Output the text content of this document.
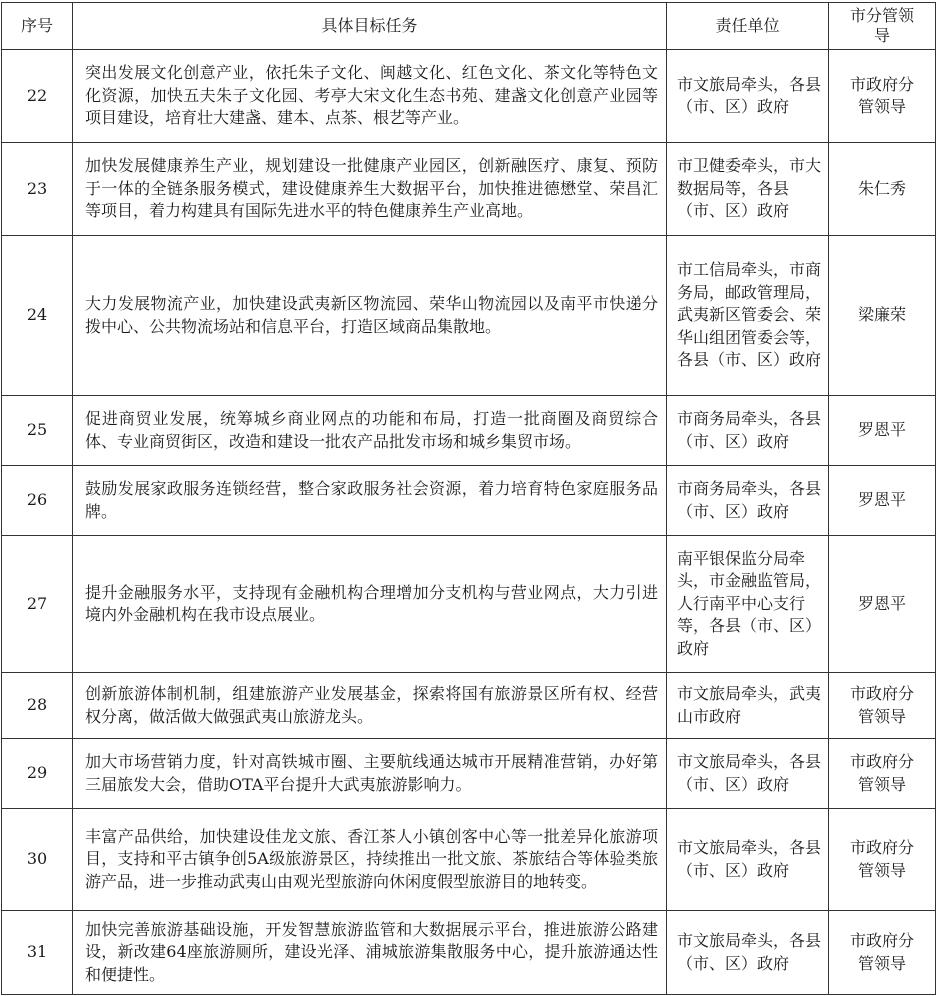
序号	具体目标任务	责任单位	市分管领导
22	突出发展文化创意产业，依托朱子文化、闽越文化、红色文化、茶文化等特色文化资源，加快五夫朱子文化园、考亭大宋文化生态书苑、建盏文化创意产业园等项目建设，培育壮大建盏、建本、点茶、根艺等产业。	市文旅局牵头，各县（市、区）政府	市政府分管领导
23	加快发展健康养生产业，规划建设一批健康产业园区，创新融医疗、康复、预防于一体的全链条服务模式，建设健康养生大数据平台，加快推进德懋堂、荣昌汇等项目，着力构建具有国际先进水平的特色健康养生产业高地。	市卫健委牵头，市大数据局等，各县（市、区）政府	朱仁秀
24	大力发展物流产业，加快建设武夷新区物流园、荣华山物流园以及南平市快递分拨中心、公共物流场站和信息平台，打造区域商品集散地。	市工信局牵头，市商务局，邮政管理局，武夷新区管委会、荣华山组团管委会等，各县（市、区）政府	梁廉荣
25	促进商贸业发展，统筹城乡商业网点的功能和布局，打造一批商圈及商贸综合体、专业商贸街区，改造和建设一批农产品批发市场和城乡集贸市场。	市商务局牵头，各县（市、区）政府	罗恩平
26	鼓励发展家政服务连锁经营，整合家政服务社会资源，着力培育特色家庭服务品牌。	市商务局牵头，各县（市、区）政府	罗恩平
27	提升金融服务水平，支持现有金融机构合理增加分支机构与营业网点，大力引进境内外金融机构在我市设点展业。	南平银保监分局牵头，市金融监管局，人行南平中心支行等，各县（市、区）政府	罗恩平
28	创新旅游体制机制，组建旅游产业发展基金，探索将国有旅游景区所有权、经营权分离，做活做大做强武夷山旅游龙头。	市文旅局牵头，武夷山市政府	市政府分管领导
29	加大市场营销力度，针对高铁城市圈、主要航线通达城市开展精准营销，办好第三届旅发大会，借助OTA平台提升大武夷旅游影响力。	市文旅局牵头，各县（市、区）政府	市政府分管领导
30	丰富产品供给，加快建设佳龙文旅、香江茶人小镇创客中心等一批差异化旅游项目，支持和平古镇争创5A级旅游景区，持续推出一批文旅、茶旅结合等体验类旅游产品，进一步推动武夷山由观光型旅游向休闲度假型旅游目的地转变。	市文旅局牵头，各县（市、区）政府	市政府分管领导
31	加快完善旅游基础设施，开发智慧旅游监管和大数据展示平台，推进旅游公路建设，新改建64座旅游厕所，建设光泽、浦城旅游集散服务中心，提升旅游通达性和便捷性。	市文旅局牵头，各县（市、区）政府	市政府分管领导
